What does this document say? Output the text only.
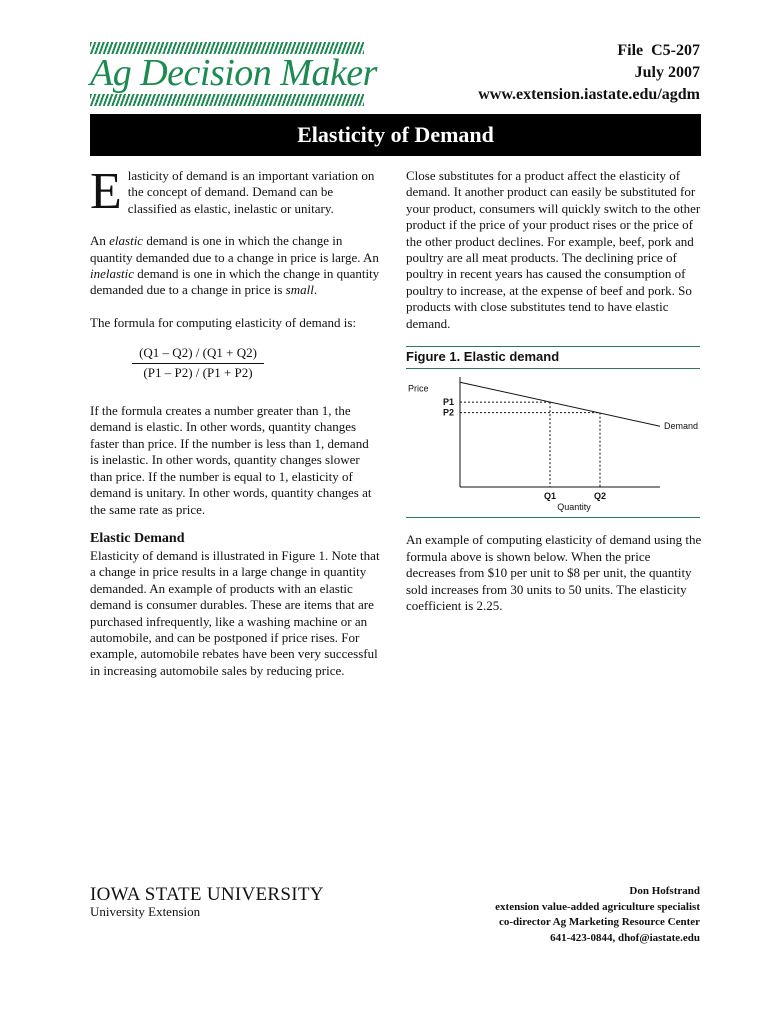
Ag Decision Maker
File  C5-207
July 2007
www.extension.iastate.edu/agdm
Elasticity of Demand

Elasticity of demand is an important variation on the concept of demand. Demand can be classified as elastic, inelastic or unitary.

An elastic demand is one in which the change in quantity demanded due to a change in price is large. An inelastic demand is one in which the change in quantity demanded due to a change in price is small.

The formula for computing elasticity of demand is:

(Q1 – Q2) / (Q1 + Q2)
(P1 – P2) / (P1 + P2)

If the formula creates a number greater than 1, the demand is elastic. In other words, quantity changes faster than price. If the number is less than 1, demand is inelastic. In other words, quantity changes slower than price. If the number is equal to 1, elasticity of demand is unitary. In other words, quantity changes at the same rate as price.

Elastic Demand

Elasticity of demand is illustrated in Figure 1. Note that a change in price results in a large change in quantity demanded. An example of products with an elastic demand is consumer durables. These are items that are purchased infrequently, like a washing machine or an automobile, and can be postponed if price rises. For example, automobile rebates have been very successful in increasing automobile sales by reducing price.

Close substitutes for a product affect the elasticity of demand. It another product can easily be substituted for your product, consumers will quickly switch to the other product if the price of your product rises or the price of the other product declines. For example, beef, pork and poultry are all meat products. The declining price of poultry in recent years has caused the consumption of poultry to increase, at the expense of beef and pork. So products with close substitutes tend to have elastic demand.

Figure 1. Elastic demand
Price
Quantity
Demand
P1
Q1
P2
Q2

An example of computing elasticity of demand using the formula above is shown below. When the price decreases from $10 per unit to $8 per unit, the quantity sold increases from 30 units to 50 units. The elasticity coefficient is 2.25.

IOWA STATE UNIVERSITY
University Extension
Don Hofstrand
extension value-added agriculture specialist
co-director Ag Marketing Resource Center
641-423-0844, dhof@iastate.edu
